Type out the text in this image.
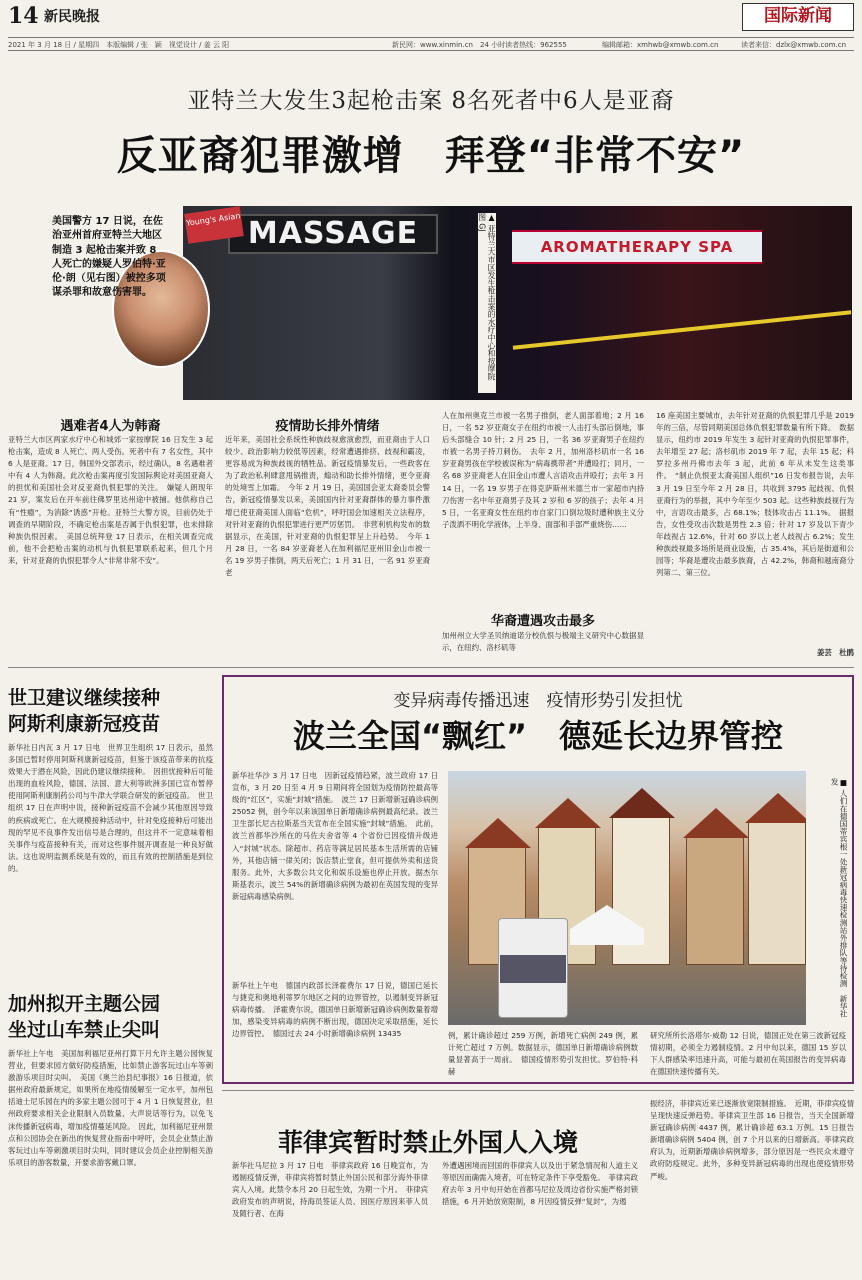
14 新民晚报	国际新闻
2021 年 3 月 18 日 / 星期四　本版编辑 / 张　颖　视觉设计 / 姜 云 阳	新民网：www.xinmin.cn　24 小时读者热线：962555	编辑邮箱：xmhwb@xmwb.com.cn	读者来信：dzlx@xmwb.com.cn
亚特兰大发生3起枪击案 8名死者中6人是亚裔
反亚裔犯罪激增　拜登“非常不安”
MASSAGE
Young's Asian
AROMATHERAPY SPA
美国警方 17 日说，在佐治亚州首府亚特兰大地区制造 3 起枪击案并致 8 人死亡的嫌疑人罗伯特·亚伦·朗（见右图）被控多项谋杀罪和故意伤害罪。	▲ 亚特兰大市区发生枪击案的水疗中心和按摩院　图 GJ
遇难者4人为韩裔
亚特兰大市区两家水疗中心和城郊一家按摩院 16 日发生 3 起枪击案，造成 8 人死亡、两人受伤。死者中有 7 名女性，其中 6 人是亚裔。17 日，韩国外交部表示，经过确认，8 名遇难者中有 4 人为韩裔。此次枪击案再度引发国际舆论对美国亚裔人的担忧和美国社会对反亚裔仇恨犯罪的关注。　嫌疑人朗现年 21 岁，案发后在开车前往佛罗里达州途中被捕。他供称自己有“性瘾”，为消除“诱惑”开枪。亚特兰大警方说，目前仍处于调查的早期阶段，不确定枪击案是否属于仇恨犯罪，也未排除种族仇恨因素。　美国总统拜登 17 日表示，在相关调查完成前，他不会把枪击案的动机与仇恨犯罪联系起来，但几个月来，针对亚裔的仇恨犯罪令人“非常非常不安”。
疫情助长排外情绪
近年来，美国社会系统性种族歧视愈演愈烈，而亚裔由于人口较少、政治影响力较低等因素，经常遭遇排挤、歧视和霸凌，更容易成为种族歧视的牺牲品。新冠疫情暴发后，一些政客在为了政治私利肆意甩锅推责，煽动和助长排外情绪，更令亚裔的处境雪上加霜。　今年 2 月 19 日，美国国会亚太裔委员会警告，新冠疫情暴发以来，美国国内针对亚裔群体的暴力事件激增已使亚裔美国人面临“危机”，呼吁国会加速相关立法程序，对针对亚裔的仇恨犯罪进行更严厉惩罚。　非营利机构发布的数据显示，在美国，针对亚裔的仇恨犯罪呈上升趋势。　今年 1 月 28 日，一名 84 岁亚裔老人在加利福尼亚州旧金山市被一名 19 岁男子推倒，两天后死亡；1 月 31 日，一名 91 岁亚裔老
人在加州奥克兰市被一名男子推倒，老人面部着地；2 月 16 日，一名 52 岁亚裔女子在纽约市被一人击打头部后倒地，事后头部缝合 10 针；2 月 25 日，一名 36 岁亚裔男子在纽约市被一名男子持刀刺伤。　去年 2 月，加州洛杉矶市一名 16 岁亚裔男孩在学校被误称为“病毒携带者”并遭殴打；同月，一名 68 岁亚裔老人在旧金山市遭人言语攻击并殴打；去年 3 月 14 日，一名 19 岁男子在得克萨斯州米德兰市一家超市内持刀伤害一名中年亚裔男子及其 2 岁和 6 岁的孩子；去年 4 月 5 日，一名亚裔女性在纽约市自家门口倒垃圾时遭种族主义分子泼洒不明化学液体，上半身、面部和手部严重烧伤……
华裔遭遇攻击最多
加州州立大学圣贝纳迪诺分校仇恨与极端主义研究中心数据显示，在纽约、洛杉矶等
16 座美国主要城市，去年针对亚裔的仇恨犯罪几乎是 2019 年的三倍，尽管同期美国总体仇恨犯罪数量有所下降。　数据显示，纽约市 2019 年发生 3 起针对亚裔的仇恨犯罪事件，去年增至 27 起；洛杉矶市 2019 年 7 起，去年 15 起；科罗拉多州丹佛市去年 3 起，此前 6 年从未发生这类事件。　“制止仇恨亚太裔美国人组织”16 日发布报告说，去年 3 月 19 日至今年 2 月 28 日，共收到 3795 起歧视、仇恨亚裔行为的举报，其中今年至少 503 起。这些种族歧视行为中，言语攻击最多，占 68.1%；肢体攻击占 11.1%。　据报告，女性受攻击次数是男性 2.3 倍；针对 17 岁及以下青少年歧视占 12.6%，针对 60 岁以上老人歧视占 6.2%；发生种族歧视最多场所是商业设施，占 35.4%，其后是街道和公园等；华裔是遭攻击最多族裔，占 42.2%，韩裔和越南裔分列第二、第三位。
姜芸　杜鹃
世卫建议继续接种
阿斯利康新冠疫苗
新华社日内瓦 3 月 17 日电　世界卫生组织 17 日表示，虽然多国已暂时停用阿斯利康新冠疫苗，但鉴于该疫苗带来的抗疫效果大于潜在风险，因此仍建议继续接种。　因担忧接种后可能出现的血栓风险，德国、法国、意大利等欧洲多国已宣布暂停使用阿斯利康制药公司与牛津大学联合研发的新冠疫苗。　世卫组织 17 日在声明中说，接种新冠疫苗不会减少其他原因导致的疾病或死亡。在大规模接种活动中，针对免疫接种后可能出现的罕见不良事件发出信号是合理的，但这并不一定意味着相关事件与疫苗接种有关，而对这些事件展开调查是一种良好做法。这也说明监测系统是有效的，而且有效的控制措施是到位的。
加州拟开主题公园
坐过山车禁止尖叫
新华社上午电　美国加利福尼亚州打算下月允许主题公园恢复营业，但要求园方做好防疫措施，比如禁止游客玩过山车等刺激游乐项目时尖叫。　美国《奥兰治县纪事报》16 日报道，依据州政府最新规定，如果所在地疫情缓解至一定水平，加州包括迪士尼乐园在内的多家主题公园可于 4 月 1 日恢复营业，但州政府要求相关企业限制入员数量、大声说话等行为，以免飞沫传播新冠病毒，增加疫情蔓延风险。　因此，加利福尼亚州景点和公园协会在新出的恢复营业指南中呼吁，会员企业禁止游客玩过山车等刺激项目时尖叫，同时建议会员企业控制相关游乐项目的游客数量，开要求游客戴口罩。
变异病毒传播迅速　疫情形势引发担忧
波兰全国“飘红”　德延长边界管控
新华社华沙 3 月 17 日电　因新冠疫情趋紧，波兰政府 17 日宣布，3 月 20 日至 4 月 9 日期间将全国划为疫情防控最高等级的“红区”，实施“封城”措施。　波兰 17 日新增新冠确诊病例 25052 例，创今年以来该国单日新增确诊病例最高纪录。波兰卫生部长尼古拉斯基当天宣布在全国实施“封城”措施。　此前，波兰首都华沙所在的马佐夫舍省等 4 个省份已因疫情升级进入“封城”状态。除超市、药店等满足居民基本生活所需的店铺外，其他店铺一律关闭；饭店禁止堂食，但可提供外卖和送货服务。此外，大多数公共文化和娱乐设施也停止开放。据杰尔斯基表示，波兰 54%的新增确诊病例为最初在英国发现的变异新冠病毒感染病例。
新华社上午电　德国内政部长泽霍费尔 17 日说，德国已延长与捷克和奥地利蒂罗尔地区之间的边界管控，以遏制变异新冠病毒传播。　泽霍费尔说，德国单日新增新冠确诊病例数量着增加，感染变异病毒的病例不断出现，德国决定采取措施，延长边界管控。　德国过去 24 小时新增确诊病例 13435
■ 人们在德国蒂宾根一处新冠病毒快速检测站外排队等待检测　新华社发
例，累计确诊超过 259 万例，新增死亡病例 249 例，累计死亡超过 7 万例。数据显示，德国单日新增确诊病例数量显著高于一周前。　德国疫情形势引发担忧。罗伯特·科赫
研究所所长洛塔尔·威勒 12 日说，德国正处在第三波新冠疫情初期，必须全力遏制疫情。2 月中旬以来，德国 15 岁以下人群感染率迅速升高，可能与最初在英国报告的变异病毒在德国快速传播有关。
菲律宾暂时禁止外国人入境
新华社马尼拉 3 月 17 日电　菲律宾政府 16 日晚宣布，为遏制疫情反弹，菲律宾将暂时禁止外国公民和部分海外菲律宾人入境。此禁令本月 20 日起生效，为期一个月。　菲律宾政府发布的声明说，持海员签证人员、因医疗原因来菲人员及随行者、在海
外遭遇困境而回国的菲律宾人以及出于紧急情况和人道主义等原因而确需入境者，可在特定条件下享受豁免。　菲律宾政府去年 3 月中旬开始在首都马尼拉及周边省份实施严格封锁措施，6 月开始放宽限制，8 月因疫情反弹“复封”，为遏
振经济，菲律宾近来已逐渐放宽限制措施。　近期，菲律宾疫情呈现快速反弹趋势。菲律宾卫生部 16 日报告，当天全国新增新冠确诊病例 4437 例，累计确诊超 63.1 万例。15 日报告新增确诊病例 5404 例，创 7 个月以来的日增新高。菲律宾政府认为，近期新增确诊病例增多，部分原因是一些民众未遵守政府防疫规定。此外，多种变异新冠病毒的出现也使疫情形势严峻。
